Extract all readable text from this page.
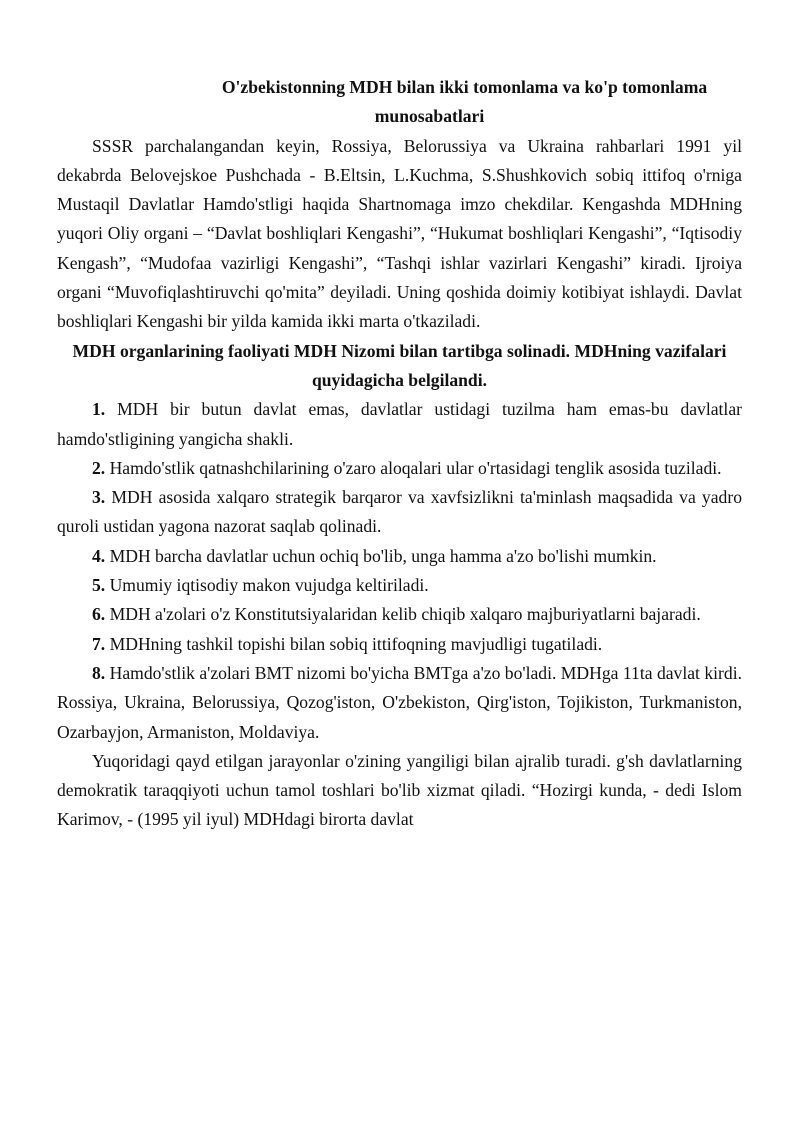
O'zbekistonning MDH bilan ikki tomonlama va ko'p tomonlama

munosabatlari

SSSR parchalangandan keyin, Rossiya, Belorussiya va Ukraina rahbarlari 1991 yil dekabrda Belovejskoe Pushchada - B.Eltsin, L.Kuchma, S.Shushkovich sobiq ittifoq o'rniga Mustaqil Davlatlar Hamdo'stligi haqida Shartnomaga imzo chekdilar. Kengashda MDHning yuqori Oliy organi – “Davlat boshliqlari Kengashi”, “Hukumat boshliqlari Kengashi”, “Iqtisodiy Kengash”, “Mudofaa vazirligi Kengashi”, “Tashqi ishlar vazirlari Kengashi” kiradi. Ijroiya organi “Muvofiqlashtiruvchi qo'mita” deyiladi. Uning qoshida doimiy kotibiyat ishlaydi. Davlat boshliqlari Kengashi bir yilda kamida ikki marta o'tkaziladi.

MDH organlarining faoliyati MDH Nizomi bilan tartibga solinadi. MDHning vazifalari quyidagicha belgilandi.

1. MDH bir butun davlat emas, davlatlar ustidagi tuzilma ham emas-bu davlatlar hamdo'stligining yangicha shakli.

2. Hamdo'stlik qatnashchilarining o'zaro aloqalari ular o'rtasidagi tenglik asosida tuziladi.

3. MDH asosida xalqaro strategik barqaror va xavfsizlikni ta'minlash maqsadida va yadro quroli ustidan yagona nazorat saqlab qolinadi.

4. MDH barcha davlatlar uchun ochiq bo'lib, unga hamma a'zo bo'lishi mumkin.

5. Umumiy iqtisodiy makon vujudga keltiriladi.

6. MDH a'zolari o'z Konstitutsiyalaridan kelib chiqib xalqaro majburiyatlarni bajaradi.

7. MDHning tashkil topishi bilan sobiq ittifoqning mavjudligi tugatiladi.

8. Hamdo'stlik a'zolari BMT nizomi bo'yicha BMTga a'zo bo'ladi. MDHga 11ta davlat kirdi. Rossiya, Ukraina, Belorussiya, Qozog'iston, O'zbekiston, Qirg'iston, Tojikiston, Turkmaniston, Ozarbayjon, Armaniston, Moldaviya.

Yuqoridagi qayd etilgan jarayonlar o'zining yangiligi bilan ajralib turadi. g'sh davlatlarning demokratik taraqqiyoti uchun tamol toshlari bo'lib xizmat qiladi. “Hozirgi kunda, - dedi Islom Karimov, - (1995 yil iyul) MDHdagi birorta davlat
